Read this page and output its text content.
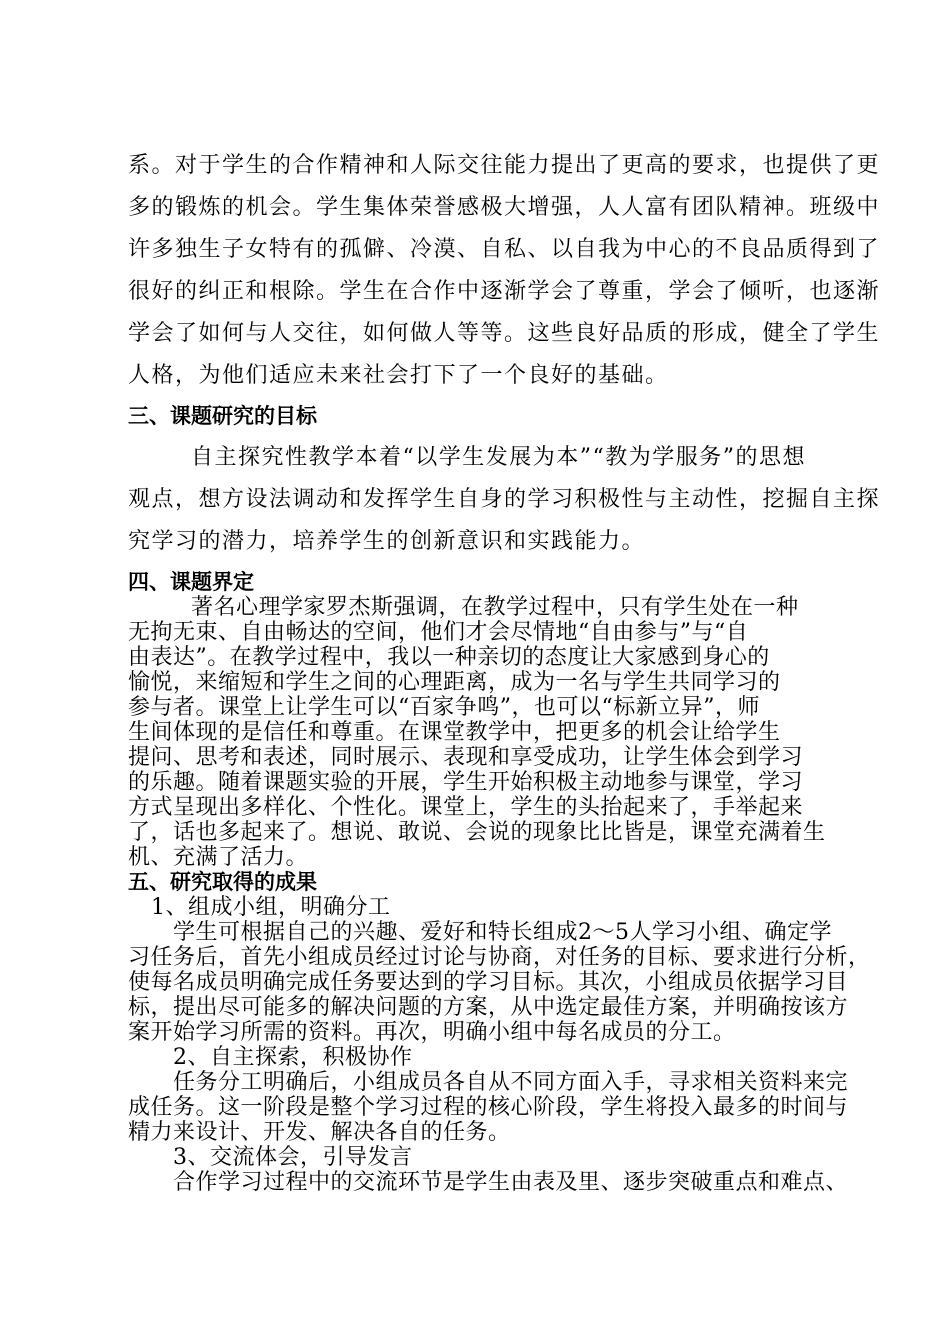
系。对于学生的合作精神和人际交往能力提出了更高的要求，也提供了更
多的锻炼的机会。学生集体荣誉感极大增强，人人富有团队精神。班级中
许多独生子女特有的孤僻、冷漠、自私、以自我为中心的不良品质得到了
很好的纠正和根除。学生在合作中逐渐学会了尊重，学会了倾听，也逐渐
学会了如何与人交往，如何做人等等。这些良好品质的形成，健全了学生
人格，为他们适应未来社会打下了一个良好的基础。
三、课题研究的目标
自主探究性教学本着“以学生发展为本”“教为学服务”的思想
观点，想方设法调动和发挥学生自身的学习积极性与主动性，挖掘自主探
究学习的潜力，培养学生的创新意识和实践能力。
四、课题界定
著名心理学家罗杰斯强调，在教学过程中，只有学生处在一种
无拘无束、自由畅达的空间，他们才会尽情地“自由参与”与“自
由表达”。在教学过程中，我以一种亲切的态度让大家感到身心的
愉悦，来缩短和学生之间的心理距离，成为一名与学生共同学习的
参与者。课堂上让学生可以“百家争鸣”，也可以“标新立异”，师
生间体现的是信任和尊重。在课堂教学中，把更多的机会让给学生
提问、思考和表述，同时展示、表现和享受成功，让学生体会到学习
的乐趣。随着课题实验的开展，学生开始积极主动地参与课堂，学习
方式呈现出多样化、个性化。课堂上，学生的头抬起来了，手举起来
了，话也多起来了。想说、敢说、会说的现象比比皆是，课堂充满着生
机、充满了活力。
五、研究取得的成果
1、组成小组，明确分工
学生可根据自己的兴趣、爱好和特长组成2～5人学习小组、确定学
习任务后，首先小组成员经过讨论与协商，对任务的目标、要求进行分析，
使每名成员明确完成任务要达到的学习目标。其次，小组成员依据学习目
标，提出尽可能多的解决问题的方案，从中选定最佳方案，并明确按该方
案开始学习所需的资料。再次，明确小组中每名成员的分工。
2、自主探索，积极协作
任务分工明确后，小组成员各自从不同方面入手，寻求相关资料来完
成任务。这一阶段是整个学习过程的核心阶段，学生将投入最多的时间与
精力来设计、开发、解决各自的任务。
3、交流体会，引导发言
合作学习过程中的交流环节是学生由表及里、逐步突破重点和难点、
